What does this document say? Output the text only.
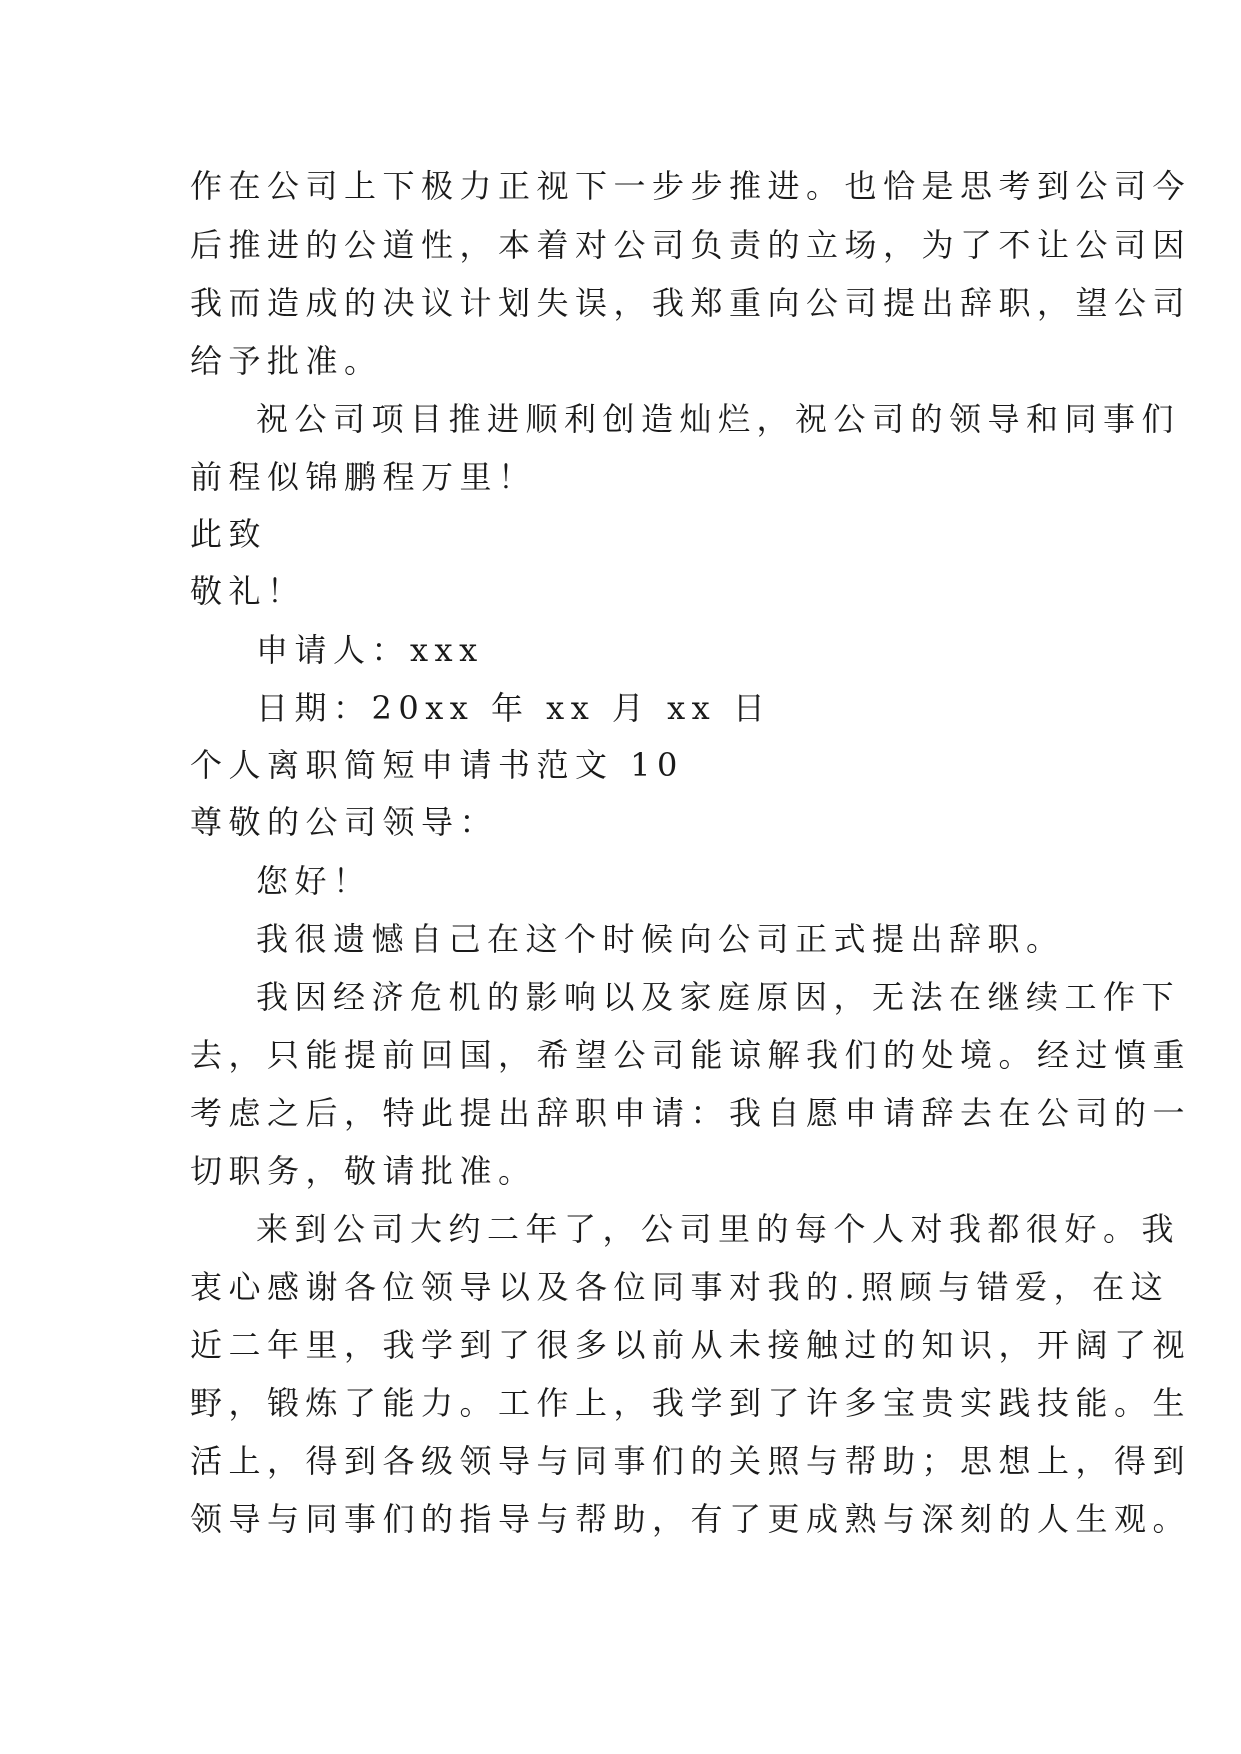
作在公司上下极力正视下一步步推进。也恰是思考到公司今
后推进的公道性，本着对公司负责的立场，为了不让公司因
我而造成的决议计划失误，我郑重向公司提出辞职，望公司
给予批准。
祝公司项目推进顺利创造灿烂，祝公司的领导和同事们
前程似锦鹏程万里！
此致
敬礼！
申请人：xxx
日期：20xx 年 xx 月 xx 日
个人离职简短申请书范文 10
尊敬的公司领导：
您好！
我很遗憾自己在这个时候向公司正式提出辞职。
我因经济危机的影响以及家庭原因，无法在继续工作下
去，只能提前回国，希望公司能谅解我们的处境。经过慎重
考虑之后，特此提出辞职申请：我自愿申请辞去在公司的一
切职务，敬请批准。
来到公司大约二年了，公司里的每个人对我都很好。我
衷心感谢各位领导以及各位同事对我的.照顾与错爱，在这
近二年里，我学到了很多以前从未接触过的知识，开阔了视
野，锻炼了能力。工作上，我学到了许多宝贵实践技能。生
活上，得到各级领导与同事们的关照与帮助；思想上，得到
领导与同事们的指导与帮助，有了更成熟与深刻的人生观。
